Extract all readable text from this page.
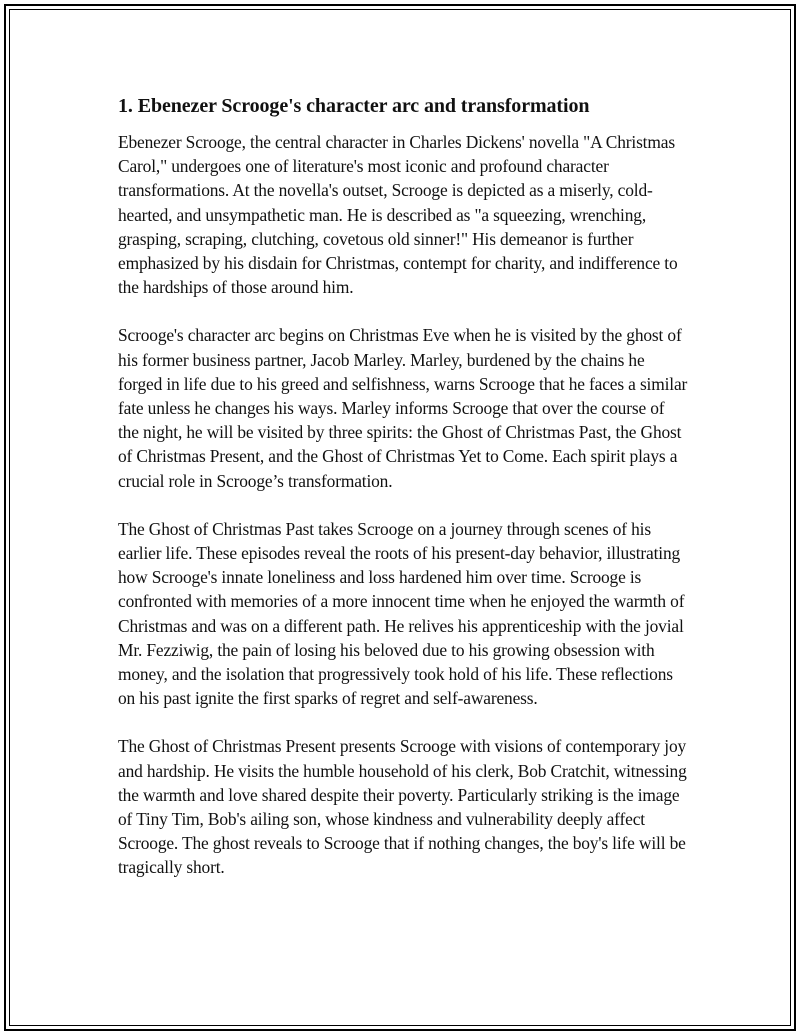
1. Ebenezer Scrooge's character arc and transformation

Ebenezer Scrooge, the central character in Charles Dickens' novella "A Christmas Carol," undergoes one of literature's most iconic and profound character transformations. At the novella's outset, Scrooge is depicted as a miserly, cold-hearted, and unsympathetic man. He is described as "a squeezing, wrenching, grasping, scraping, clutching, covetous old sinner!" His demeanor is further emphasized by his disdain for Christmas, contempt for charity, and indifference to the hardships of those around him.

Scrooge's character arc begins on Christmas Eve when he is visited by the ghost of his former business partner, Jacob Marley. Marley, burdened by the chains he forged in life due to his greed and selfishness, warns Scrooge that he faces a similar fate unless he changes his ways. Marley informs Scrooge that over the course of the night, he will be visited by three spirits: the Ghost of Christmas Past, the Ghost of Christmas Present, and the Ghost of Christmas Yet to Come. Each spirit plays a crucial role in Scrooge’s transformation.

The Ghost of Christmas Past takes Scrooge on a journey through scenes of his earlier life. These episodes reveal the roots of his present-day behavior, illustrating how Scrooge's innate loneliness and loss hardened him over time. Scrooge is confronted with memories of a more innocent time when he enjoyed the warmth of Christmas and was on a different path. He relives his apprenticeship with the jovial Mr. Fezziwig, the pain of losing his beloved due to his growing obsession with money, and the isolation that progressively took hold of his life. These reflections on his past ignite the first sparks of regret and self-awareness.

The Ghost of Christmas Present presents Scrooge with visions of contemporary joy and hardship. He visits the humble household of his clerk, Bob Cratchit, witnessing the warmth and love shared despite their poverty. Particularly striking is the image of Tiny Tim, Bob's ailing son, whose kindness and vulnerability deeply affect Scrooge. The ghost reveals to Scrooge that if nothing changes, the boy's life will be tragically short.
